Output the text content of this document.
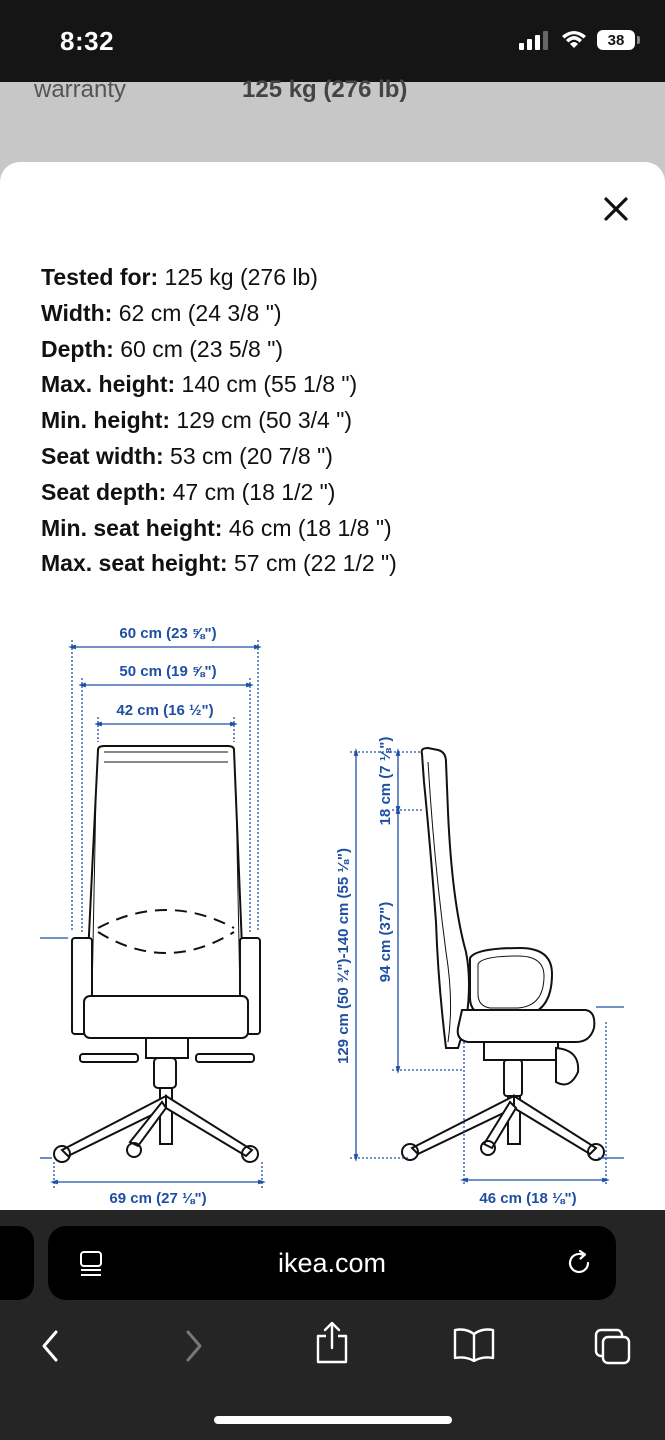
8:32	38
warranty	125 kg (276 lb)
Tested for: 125 kg (276 lb)
Width: 62 cm (24 3/8 ")
Depth: 60 cm (23 5/8 ")
Max. height: 140 cm (55 1/8 ")
Min. height: 129 cm (50 3/4 ")
Seat width: 53 cm (20 7/8 ")
Seat depth: 47 cm (18 1/2 ")
Min. seat height: 46 cm (18 1/8 ")
Max. seat height: 57 cm (22 1/2 ")
60 cm (23 ⅝")
50 cm (19 ⅝")
42 cm (16 ½")
69 cm (27 ⅛")
129 cm (50 ¾")-140 cm (55 ⅛")
18 cm (7 ⅛")
94 cm (37")
46 cm (18 ⅛")
ikea.com
